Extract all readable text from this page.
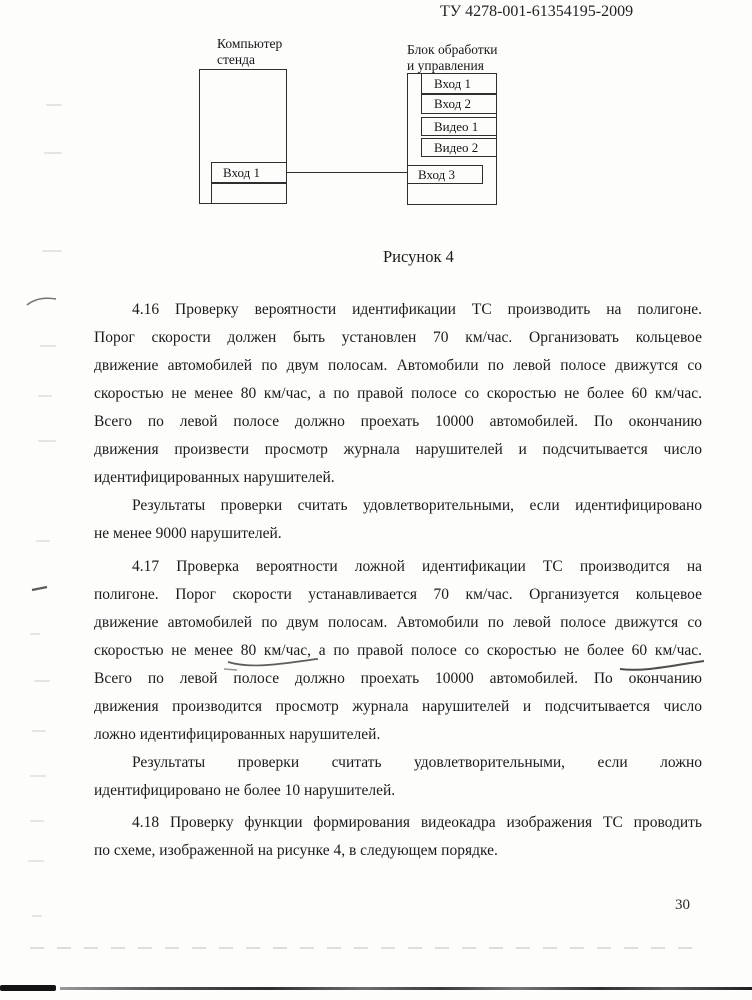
ТУ 4278-001-61354195-2009
Компьютер
стенда
Вход 1
Блок обработки
и управления
Вход 1
Вход 2
Видео 1
Видео 2
Вход 3
Рисунок 4
4.16 Проверку вероятности идентификации ТС производить на полигоне.
Порог скорости должен быть установлен 70 км/час. Организовать кольцевое
движение автомобилей по двум полосам. Автомобили по левой полосе движутся со
скоростью не менее 80 км/час, а по правой полосе со скоростью не более 60 км/час.
Всего по левой полосе должно проехать 10000 автомобилей. По окончанию
движения произвести просмотр журнала нарушителей и подсчитывается число
идентифицированных нарушителей.
Результаты проверки считать удовлетворительными, если идентифицировано
не менее 9000 нарушителей.
4.17 Проверка вероятности ложной идентификации ТС производится на
полигоне. Порог скорости устанавливается 70 км/час. Организуется кольцевое
движение автомобилей по двум полосам. Автомобили по левой полосе движутся со
скоростью не менее 80 км/час, а по правой полосе со скоростью не более 60 км/час.
Всего по левой полосе должно проехать 10000 автомобилей. По окончанию
движения производится просмотр журнала нарушителей и подсчитывается число
ложно идентифицированных нарушителей.
Результаты проверки считать удовлетворительными, если ложно
идентифицировано не более 10 нарушителей.
4.18 Проверку функции формирования видеокадра изображения ТС проводить
по схеме, изображенной на рисунке 4, в следующем порядке.
30
